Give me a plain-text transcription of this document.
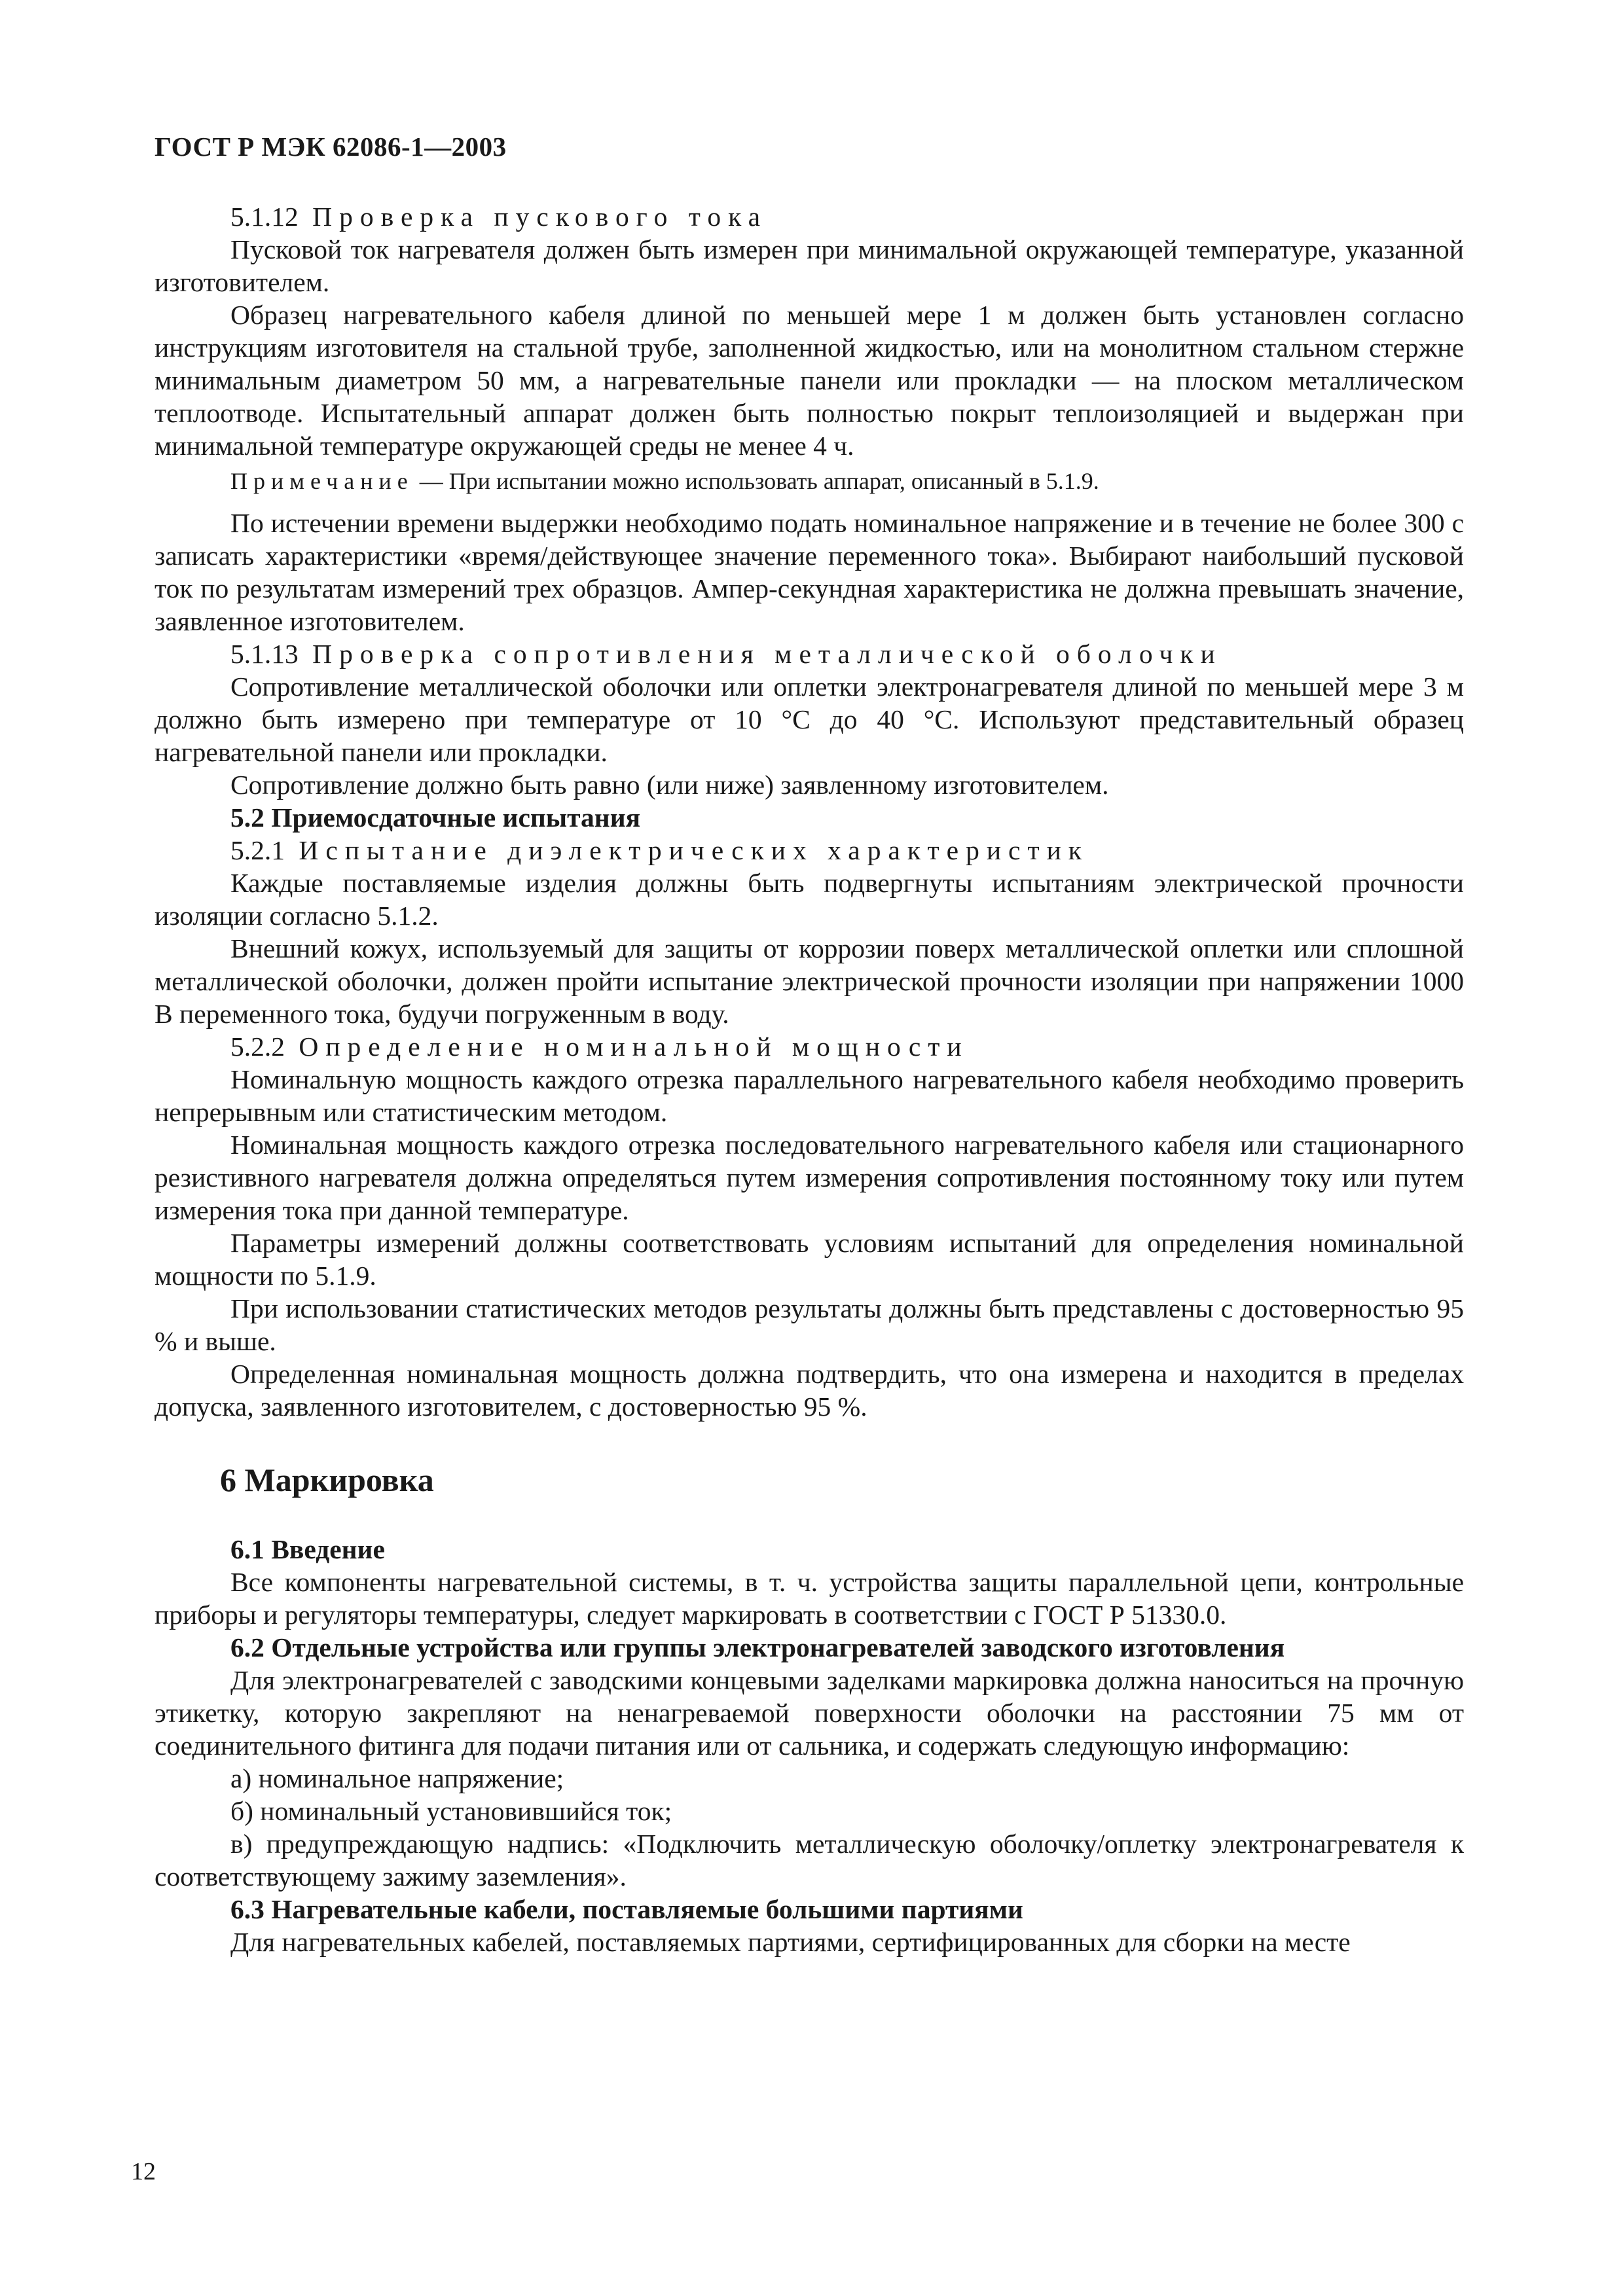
ГОСТ Р МЭК 62086-1—2003

5.1.12 Проверка пускового тока

Пусковой ток нагревателя должен быть измерен при минимальной окружающей температуре, указанной изготовителем.

Образец нагревательного кабеля длиной по меньшей мере 1 м должен быть установлен согласно инструкциям изготовителя на стальной трубе, заполненной жидкостью, или на монолитном стальном стержне минимальным диаметром 50 мм, а нагревательные панели или прокладки — на плоском металлическом теплоотводе. Испытательный аппарат должен быть полностью покрыт теплоизоляцией и выдержан при минимальной температуре окружающей среды не менее 4 ч.

Примечание — При испытании можно использовать аппарат, описанный в 5.1.9.

По истечении времени выдержки необходимо подать номинальное напряжение и в течение не более 300 с записать характеристики «время/действующее значение переменного тока». Выбирают наибольший пусковой ток по результатам измерений трех образцов. Ампер-секундная характеристика не должна превышать значение, заявленное изготовителем.

5.1.13 Проверка сопротивления металлической оболочки

Сопротивление металлической оболочки или оплетки электронагревателя длиной по меньшей мере 3 м должно быть измерено при температуре от 10 °С до 40 °С. Используют представительный образец нагревательной панели или прокладки.

Сопротивление должно быть равно (или ниже) заявленному изготовителем.

5.2 Приемосдаточные испытания

5.2.1 Испытание диэлектрических характеристик

Каждые поставляемые изделия должны быть подвергнуты испытаниям электрической прочности изоляции согласно 5.1.2.

Внешний кожух, используемый для защиты от коррозии поверх металлической оплетки или сплошной металлической оболочки, должен пройти испытание электрической прочности изоляции при напряжении 1000 В переменного тока, будучи погруженным в воду.

5.2.2 Определение номинальной мощности

Номинальную мощность каждого отрезка параллельного нагревательного кабеля необходимо проверить непрерывным или статистическим методом.

Номинальная мощность каждого отрезка последовательного нагревательного кабеля или стационарного резистивного нагревателя должна определяться путем измерения сопротивления постоянному току или путем измерения тока при данной температуре.

Параметры измерений должны соответствовать условиям испытаний для определения номинальной мощности по 5.1.9.

При использовании статистических методов результаты должны быть представлены с достоверностью 95 % и выше.

Определенная номинальная мощность должна подтвердить, что она измерена и находится в пределах допуска, заявленного изготовителем, с достоверностью 95 %.

6 Маркировка

6.1 Введение

Все компоненты нагревательной системы, в т. ч. устройства защиты параллельной цепи, контрольные приборы и регуляторы температуры, следует маркировать в соответствии с ГОСТ Р 51330.0.

6.2 Отдельные устройства или группы электронагревателей заводского изготовления

Для электронагревателей с заводскими концевыми заделками маркировка должна наноситься на прочную этикетку, которую закрепляют на ненагреваемой поверхности оболочки на расстоянии 75 мм от соединительного фитинга для подачи питания или от сальника, и содержать следующую информацию:

а) номинальное напряжение;

б) номинальный установившийся ток;

в) предупреждающую надпись: «Подключить металлическую оболочку/оплетку электронагревателя к соответствующему зажиму заземления».

6.3 Нагревательные кабели, поставляемые большими партиями

Для нагревательных кабелей, поставляемых партиями, сертифицированных для сборки на месте

12
